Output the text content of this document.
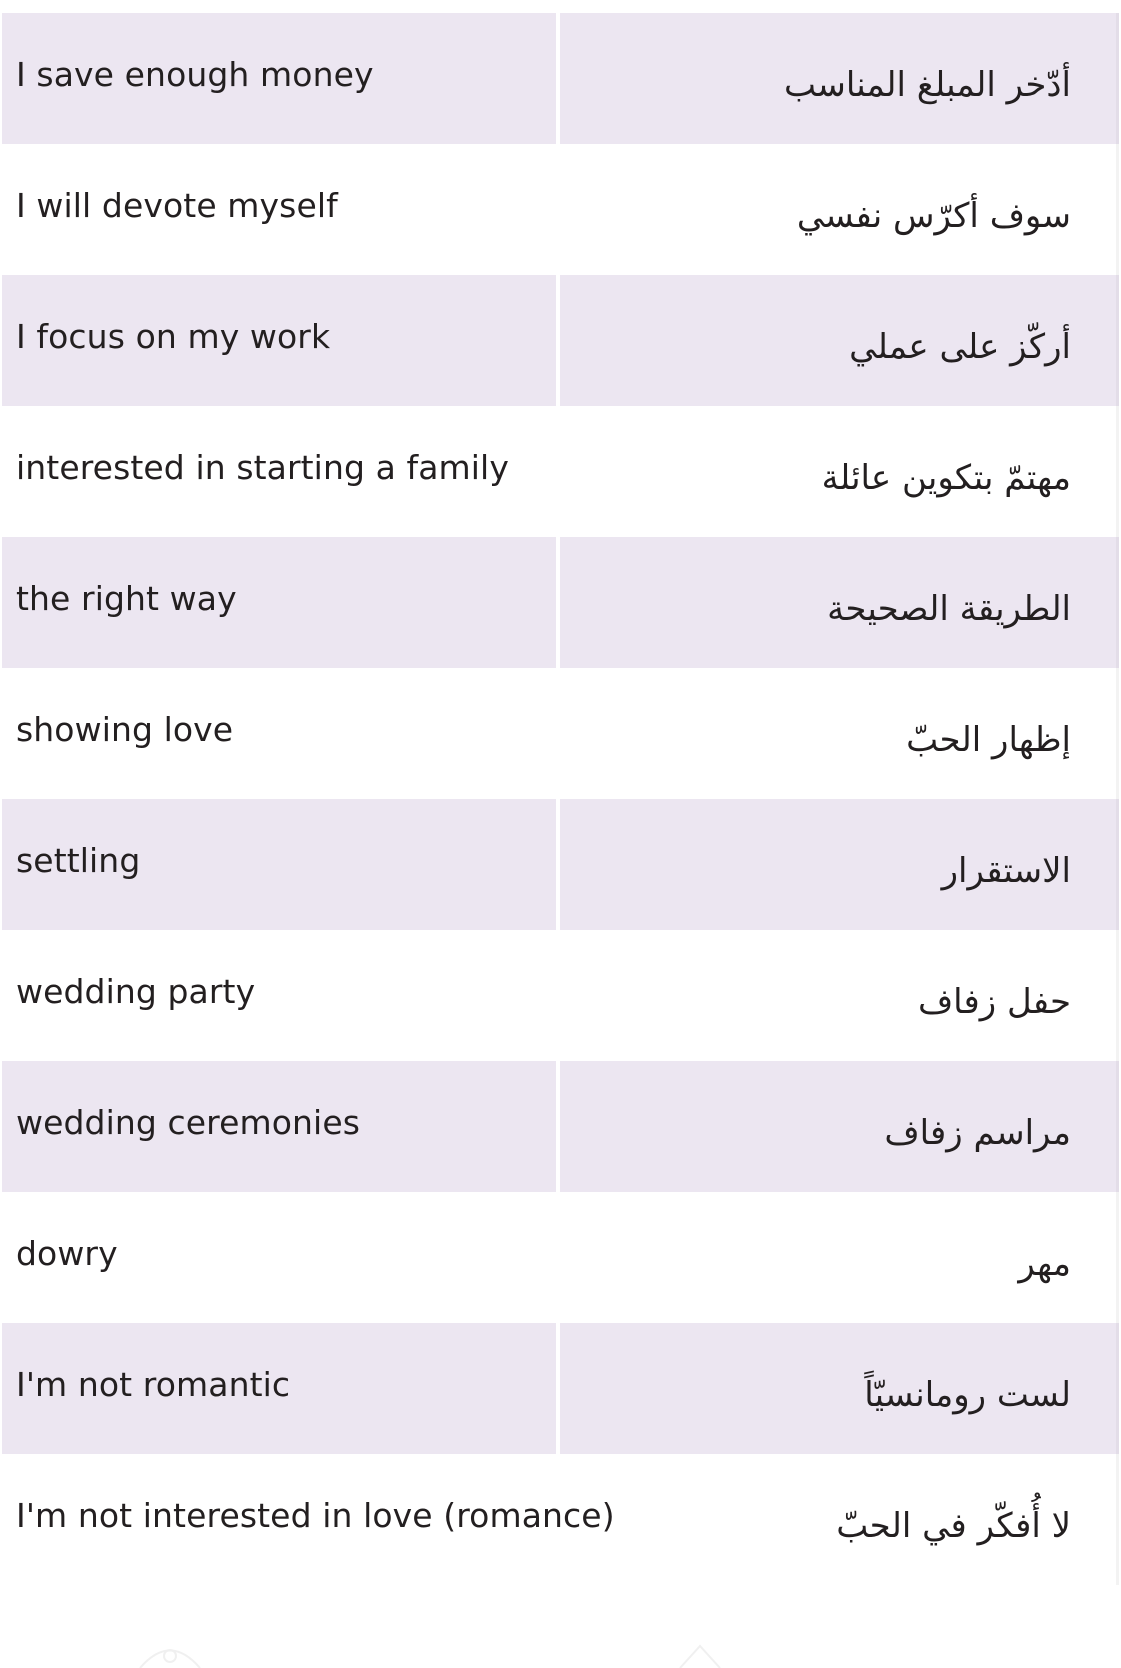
I save enough money	أدّخر المبلغ المناسب
I will devote myself	سوف أكرّس نفسي
I focus on my work	أركّز على عملي
interested in starting a family	مهتمّ بتكوين عائلة
the right way	الطريقة الصحيحة
showing love	إظهار الحبّ
settling	الاستقرار
wedding party	حفل زفاف
wedding ceremonies	مراسم زفاف
dowry	مهر
I'm not romantic	لست رومانسيّاً
I'm not interested in love (romance)	لا أُفكّر في الحبّ
